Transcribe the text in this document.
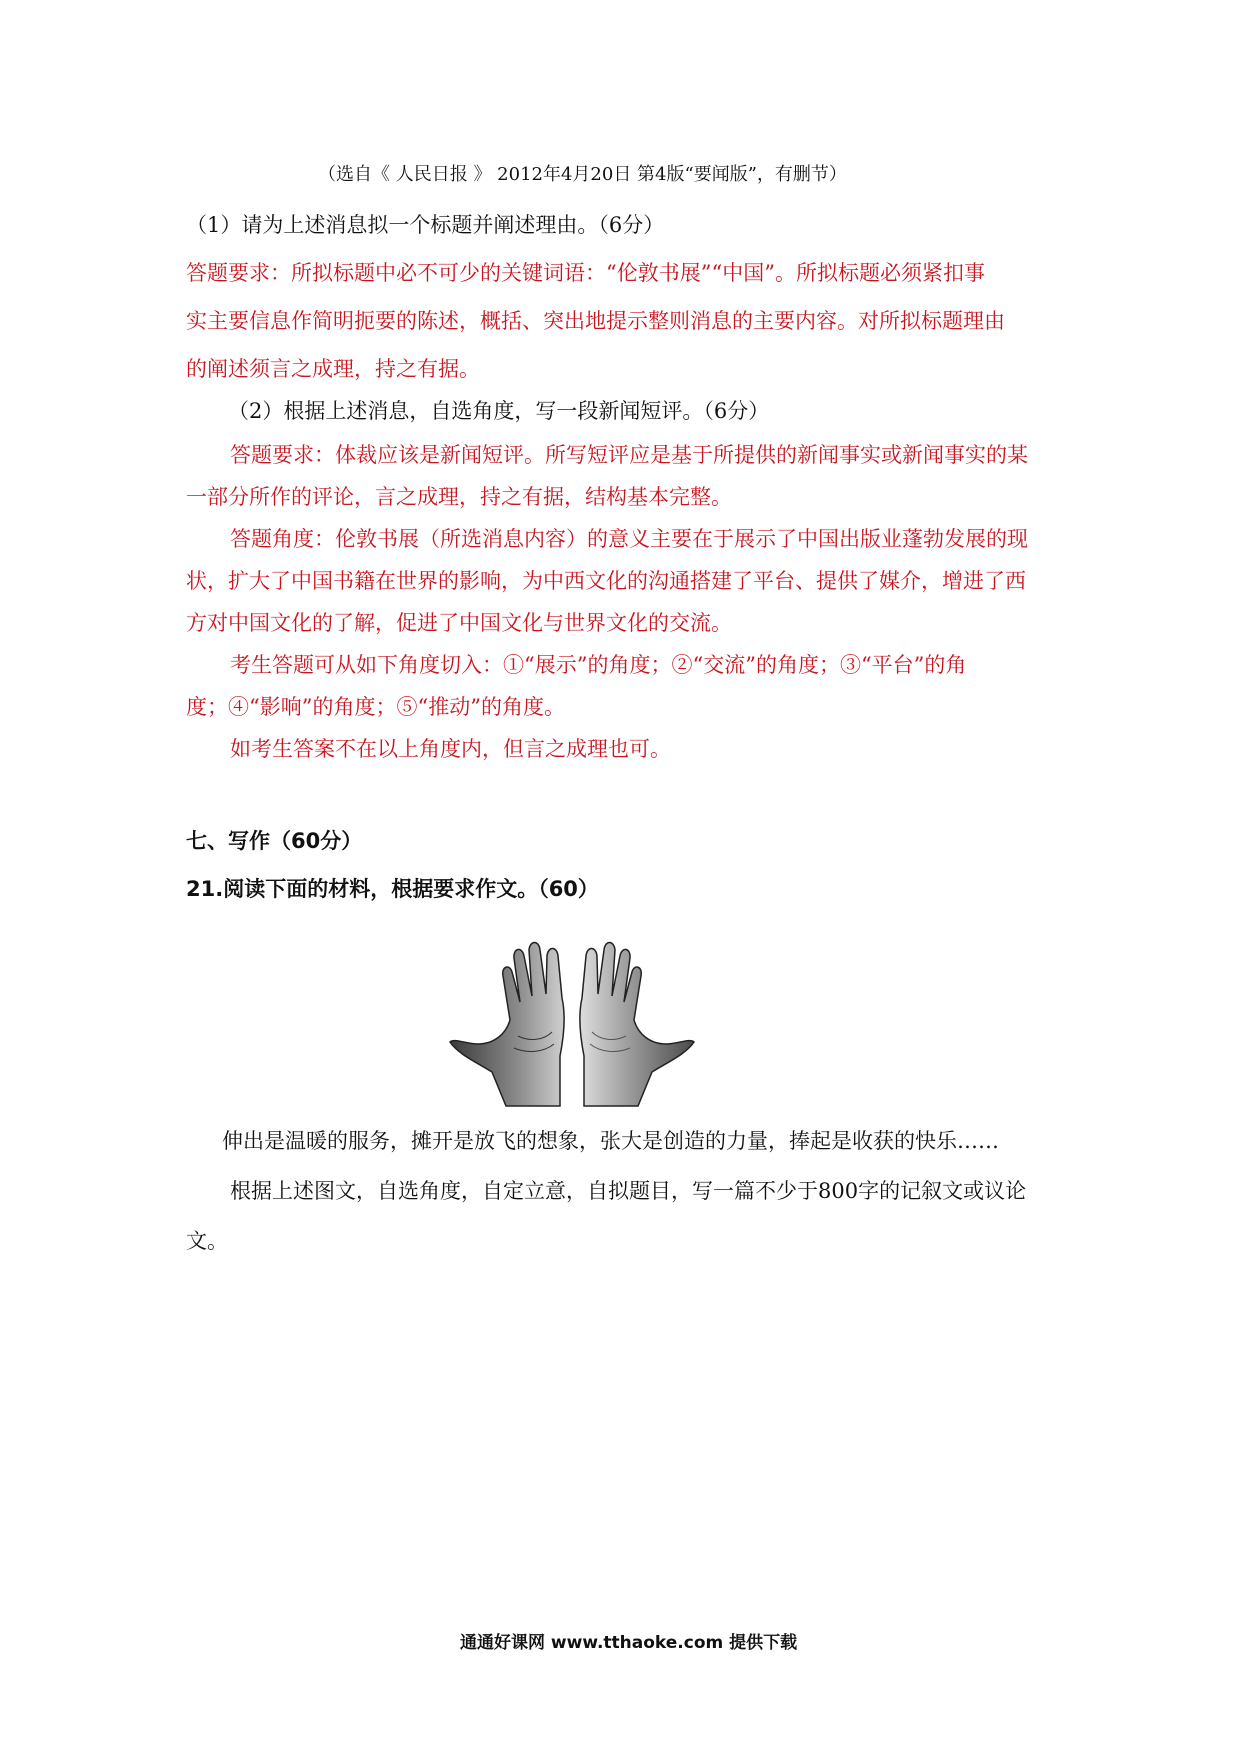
（选自《 人民日报 》 2012年4月20日 第4版“要闻版”，有删节）
（1）请为上述消息拟一个标题并阐述理由。（6分）
答题要求：所拟标题中必不可少的关键词语：“伦敦书展”“中国”。所拟标题必须紧扣事
实主要信息作简明扼要的陈述，概括、突出地提示整则消息的主要内容。对所拟标题理由
的阐述须言之成理，持之有据。
（2）根据上述消息，自选角度，写一段新闻短评。（6分）
答题要求：体裁应该是新闻短评。所写短评应是基于所提供的新闻事实或新闻事实的某
一部分所作的评论，言之成理，持之有据，结构基本完整。
答题角度：伦敦书展（所选消息内容）的意义主要在于展示了中国出版业蓬勃发展的现
状，扩大了中国书籍在世界的影响，为中西文化的沟通搭建了平台、提供了媒介，增进了西
方对中国文化的了解，促进了中国文化与世界文化的交流。
考生答题可从如下角度切入：①“展示”的角度；②“交流”的角度；③“平台”的角
度；④“影响”的角度；⑤“推动”的角度。
如考生答案不在以上角度内，但言之成理也可。
七、写作（60分）
21.阅读下面的材料，根据要求作文。（60）
伸出是温暖的服务，摊开是放飞的想象，张大是创造的力量，捧起是收获的快乐……
根据上述图文，自选角度，自定立意，自拟题目，写一篇不少于800字的记叙文或议论
文。
通通好课网 www.tthaoke.com 提供下载
